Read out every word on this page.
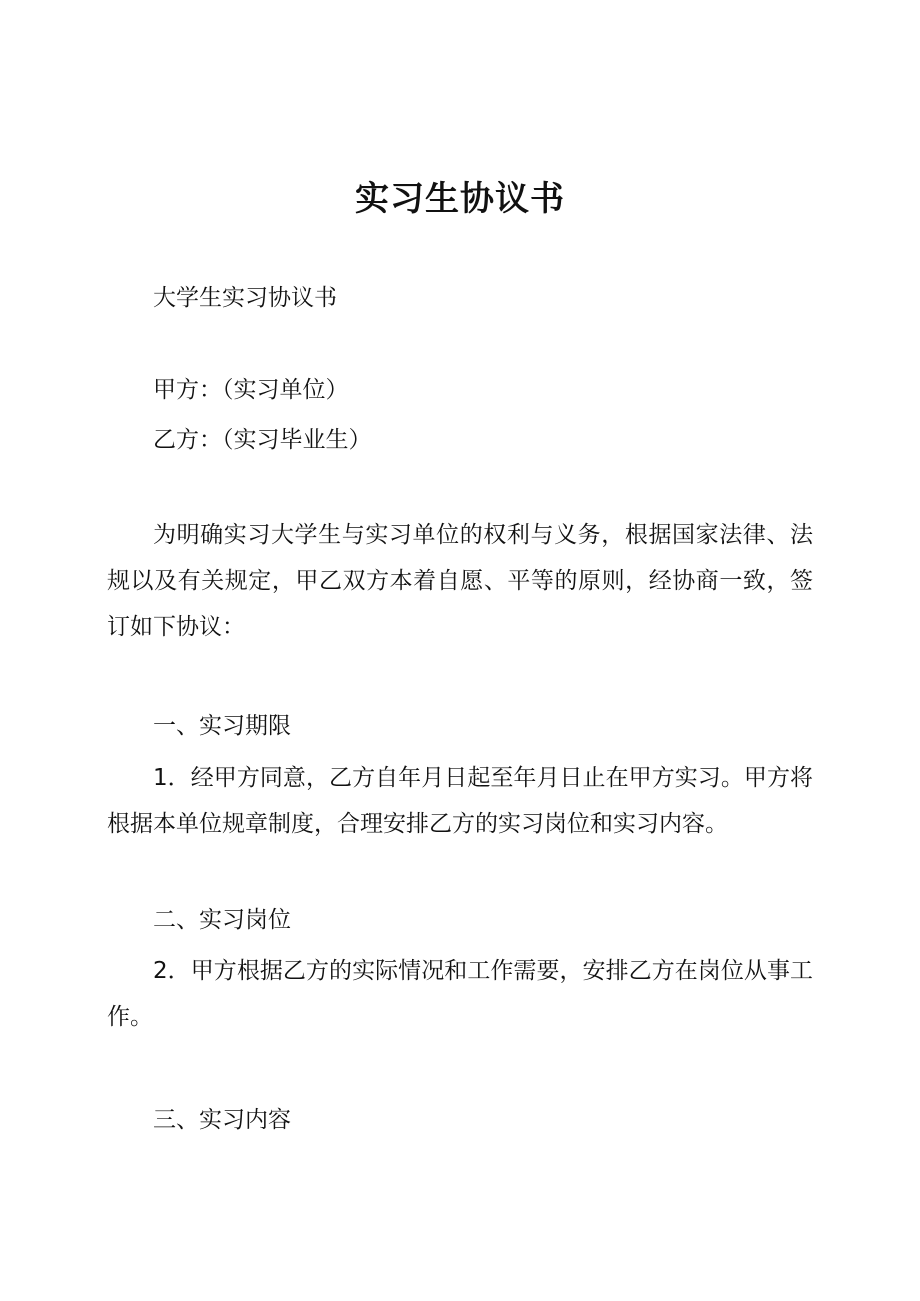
实习生协议书
大学生实习协议书
甲方：（实习单位）
乙方：（实习毕业生）
为明确实习大学生与实习单位的权利与义务，根据国家法律、法规以及有关规定，甲乙双方本着自愿、平等的原则，经协商一致，签订如下协议：
一、实习期限
1．经甲方同意，乙方自年月日起至年月日止在甲方实习。甲方将根据本单位规章制度，合理安排乙方的实习岗位和实习内容。
二、实习岗位
2．甲方根据乙方的实际情况和工作需要，安排乙方在岗位从事工作。
三、实习内容
